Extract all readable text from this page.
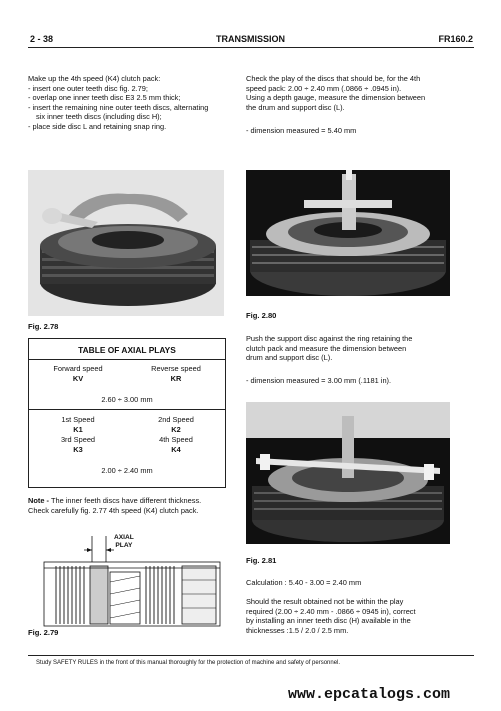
2 - 38	TRANSMISSION	FR160.2

Make up the 4th speed (K4) clutch pack:

- insert one outer teeth disc fig. 2.79;

- overlap one inner teeth disc E3 2.5 mm thick;

- insert the remaining nine outer teeth discs, alternating

six inner teeth discs (including disc H);

- place side disc L and retaining snap ring.

Fig. 2.78
TABLE OF AXIAL PLAYS
Forward speed	Reverse speed
KV	KR
2.60 ÷ 3.00 mm
1st Speed	2nd Speed
K1	K2
3rd Speed	4th Speed
K3	K4
2.00 ÷ 2.40 mm

Note - The inner feeth discs have different thickness.

Check carefully fig. 2.77 4th speed (K4) clutch pack.

AXIAL
PLAY
Fig. 2.79

Check the play of the discs that should be, for the 4th

speed pack: 2.00 ÷ 2.40 mm (.0866 ÷ .0945 in).

Using a depth gauge, measure the dimension between

the drum and support disc (L).

- dimension measured = 5.40 mm
Fig. 2.80

Push the support disc against the ring retaining the

clutch pack and measure the dimension between

drum and support disc (L).

- dimension measured = 3.00 mm (.1181 in).
Fig. 2.81
Calculation : 5.40 - 3.00 = 2.40 mm

Should the result obtained not be within the play

required (2.00 ÷ 2.40 mm - .0866 ÷ 0945 in), correct

by installing an inner teeth disc (H) available in the

thicknesses :1.5 / 2.0 / 2.5 mm.

Study SAFETY RULES in the front of this manual thoroughly for the protection of machine and safety of personnel.
www.epcatalogs.com
